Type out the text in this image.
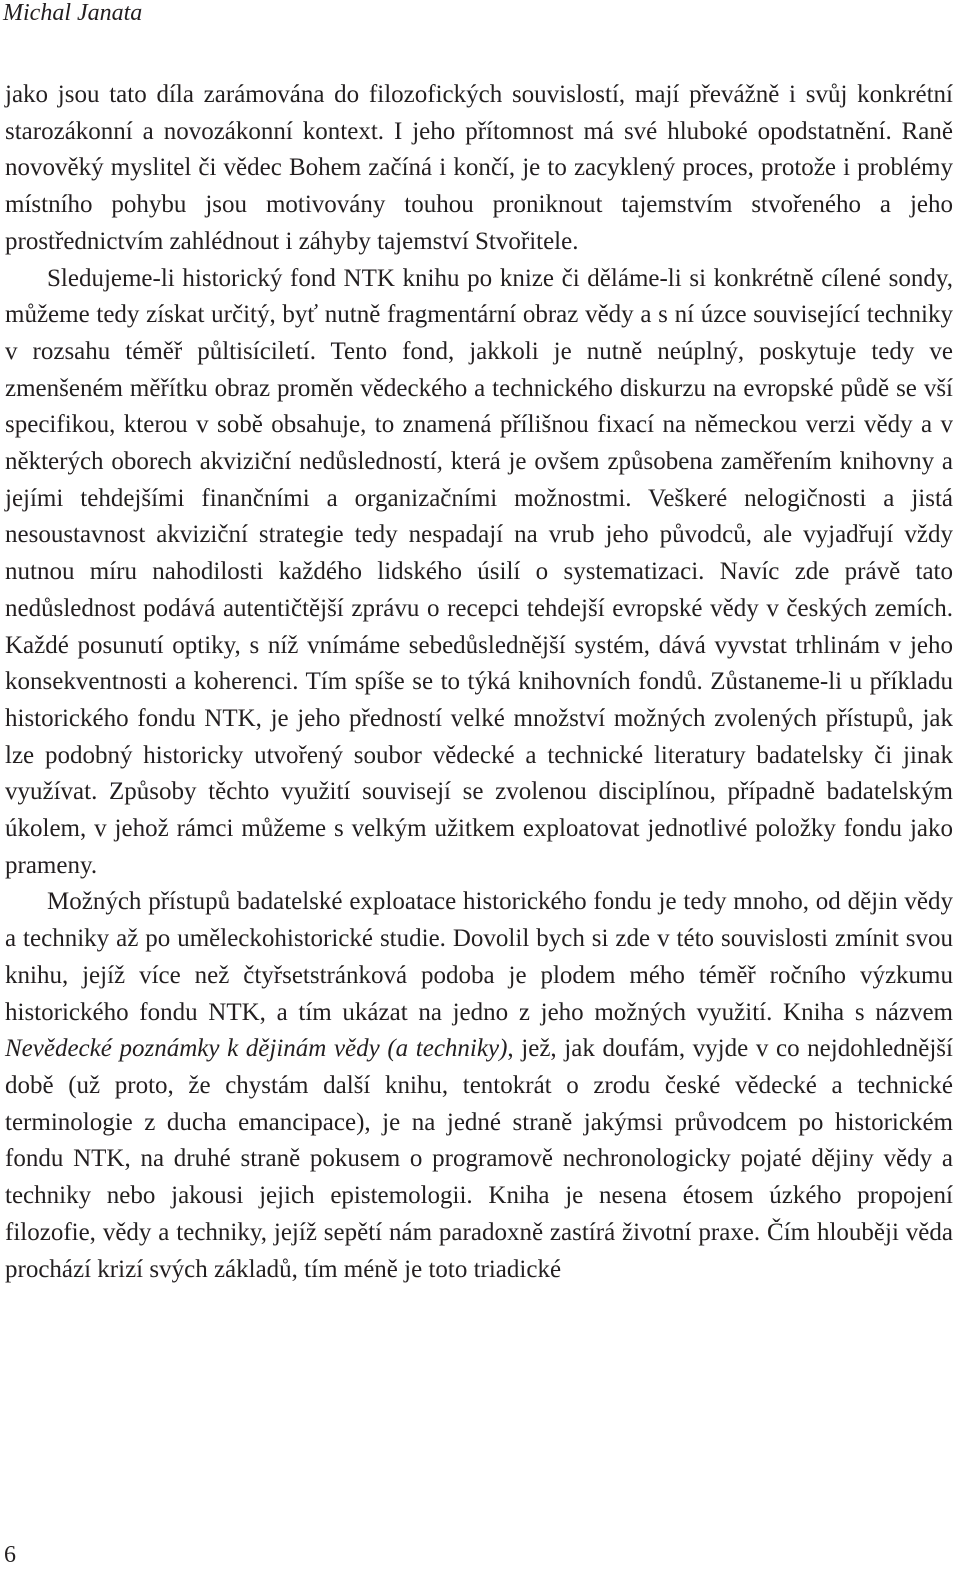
Michal Janata

jako jsou tato díla zarámována do filozofických souvislostí, mají převážně i svůj konkrétní starozákonní a novozákonní kontext. I jeho přítomnost má své hluboké opodstatnění. Raně novověký myslitel či vědec Bohem začíná i končí, je to zacyklený proces, protože i problémy místního pohybu jsou motivovány touhou proniknout tajemstvím stvořeného a jeho prostřednictvím zahlédnout i záhyby tajemství Stvořitele.

Sledujeme-li historický fond NTK knihu po knize či děláme-li si konkrétně cílené sondy, můžeme tedy získat určitý, byť nutně fragmentární obraz vědy a s ní úzce související techniky v rozsahu téměř půltisíciletí. Tento fond, jakkoli je nutně neúplný, poskytuje tedy ve zmenšeném měřítku obraz proměn vědeckého a technického diskurzu na evropské půdě se vší specifikou, kterou v sobě obsahuje, to znamená přílišnou fixací na německou verzi vědy a v některých oborech akviziční nedůsledností, která je ovšem způsobena zaměřením knihovny a jejími tehdejšími finančními a organizačními možnostmi. Veškeré nelogičnosti a jistá nesoustavnost akviziční strategie tedy nespadají na vrub jeho původců, ale vyjadřují vždy nutnou míru nahodilosti každého lidského úsilí o systematizaci. Navíc zde právě tato nedůslednost podává autentičtější zprávu o recepci tehdejší evropské vědy v českých zemích. Každé posunutí optiky, s níž vnímáme sebedůslednější systém, dává vyvstat trhlinám v jeho konsekventnosti a koherenci. Tím spíše se to týká knihovních fondů. Zůstaneme-li u příkladu historického fondu NTK, je jeho předností velké množství možných zvolených přístupů, jak lze podobný historicky utvořený soubor vědecké a technické literatury badatelsky či jinak využívat. Způsoby těchto využití souvisejí se zvolenou disciplínou, případně badatelským úkolem, v jehož rámci můžeme s velkým užitkem exploatovat jednotlivé položky fondu jako prameny.

Možných přístupů badatelské exploatace historického fondu je tedy mnoho, od dějin vědy a techniky až po uměleckohistorické studie. Dovolil bych si zde v této souvislosti zmínit svou knihu, jejíž více než čtyřsetstránková podoba je plodem mého téměř ročního výzkumu historického fondu NTK, a tím ukázat na jedno z jeho možných využití. Kniha s názvem Nevědecké poznámky k dějinám vědy (a techniky), jež, jak doufám, vyjde v co nejdohlednější době (už proto, že chystám další knihu, tentokrát o zrodu české vědecké a technické terminologie z ducha emancipace), je na jedné straně jakýmsi průvodcem po historickém fondu NTK, na druhé straně pokusem o programově nechronologicky pojaté dějiny vědy a techniky nebo jakousi jejich epistemologii. Kniha je nesena étosem úzkého propojení filozofie, vědy a techniky, jejíž sepětí nám paradoxně zastírá životní praxe. Čím hlouběji věda prochází krizí svých základů, tím méně je toto triadické

6
